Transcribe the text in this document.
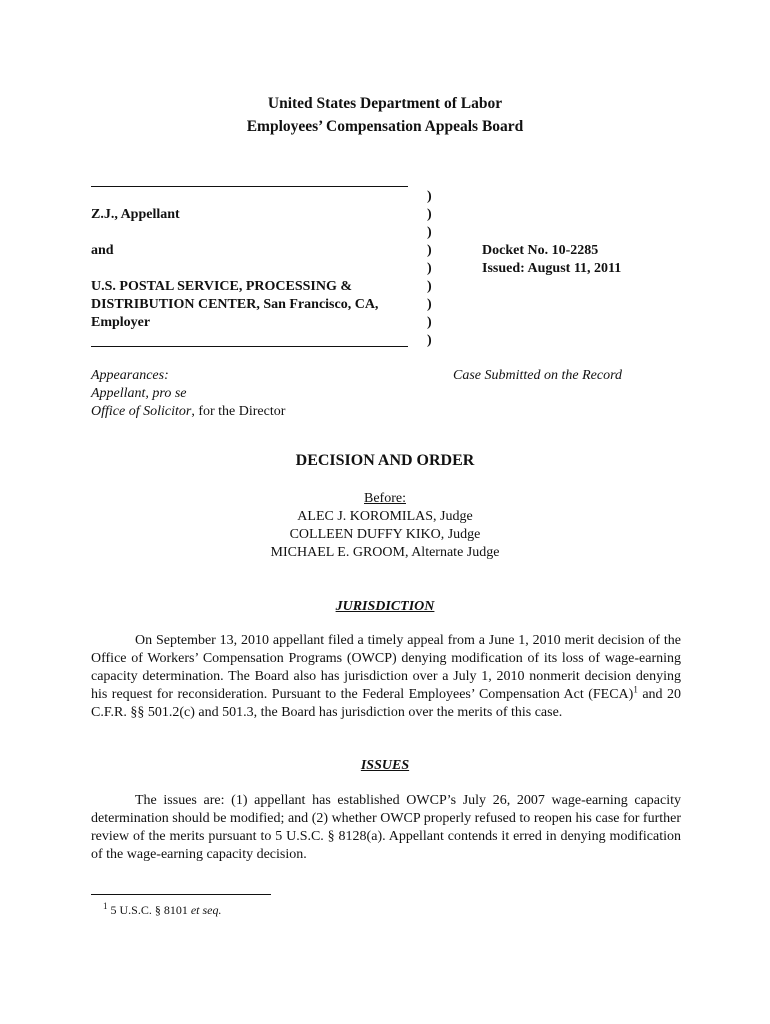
United States Department of Labor
Employees’ Compensation Appeals Board
Z.J., Appellant
and
U.S. POSTAL SERVICE, PROCESSING &
DISTRIBUTION CENTER, San Francisco, CA,
Employer
)
)
)
)
)
)
)
)
)
Docket No. 10-2285
Issued: August 11, 2011
Appearances:
Appellant, pro se
Office of Solicitor, for the Director
Case Submitted on the Record
DECISION AND ORDER
Before:
ALEC J. KOROMILAS, Judge
COLLEEN DUFFY KIKO, Judge
MICHAEL E. GROOM, Alternate Judge
JURISDICTION
On September 13, 2010 appellant filed a timely appeal from a June 1, 2010 merit decision of the Office of Workers’ Compensation Programs (OWCP) denying modification of its loss of wage-earning capacity determination. The Board also has jurisdiction over a July 1, 2010 nonmerit decision denying his request for reconsideration. Pursuant to the Federal Employees’ Compensation Act (FECA)$^1$ and 20 C.F.R. §§ 501.2(c) and 501.3, the Board has jurisdiction over the merits of this case.
ISSUES
The issues are: (1) appellant has established OWCP’s July 26, 2007 wage-earning capacity determination should be modified; and (2) whether OWCP properly refused to reopen his case for further review of the merits pursuant to 5 U.S.C. § 8128(a). Appellant contends it erred in denying modification of the wage-earning capacity decision.
$^1$ 5 U.S.C. § 8101 et seq.
